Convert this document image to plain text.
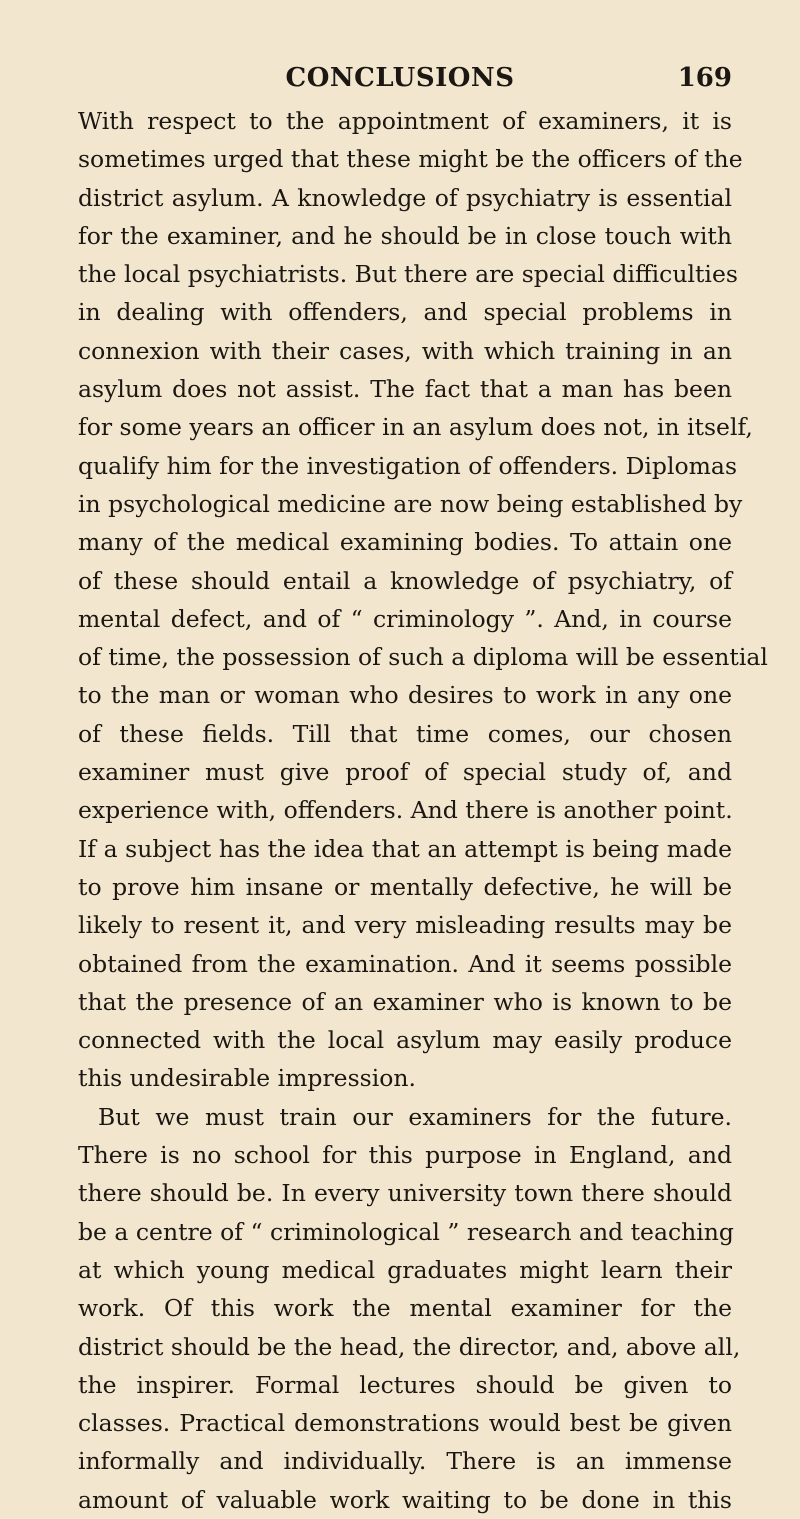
CONCLUSIONS	169
With respect to the appointment of examiners, it is
sometimes urged that these might be the officers of the
district asylum. A knowledge of psychiatry is essential
for the examiner, and he should be in close touch with
the local psychiatrists. But there are special difficulties
in dealing with offenders, and special problems in
connexion with their cases, with which training in an
asylum does not assist. The fact that a man has been
for some years an officer in an asylum does not, in itself,
qualify him for the investigation of offenders. Diplomas
in psychological medicine are now being established by
many of the medical examining bodies. To attain one
of these should entail a knowledge of psychiatry, of
mental defect, and of “ criminology ”. And, in course
of time, the possession of such a diploma will be essential
to the man or woman who desires to work in any one
of these fields. Till that time comes, our chosen
examiner must give proof of special study of, and
experience with, offenders. And there is another point.
If a subject has the idea that an attempt is being made
to prove him insane or mentally defective, he will be
likely to resent it, and very misleading results may be
obtained from the examination. And it seems possible
that the presence of an examiner who is known to be
connected with the local asylum may easily produce
this undesirable impression.
But we must train our examiners for the future.
There is no school for this purpose in England, and
there should be. In every university town there should
be a centre of “ criminological ” research and teaching
at which young medical graduates might learn their
work. Of this work the mental examiner for the
district should be the head, the director, and, above all,
the inspirer. Formal lectures should be given to
classes. Practical demonstrations would best be given
informally and individually. There is an immense
amount of valuable work waiting to be done in this
